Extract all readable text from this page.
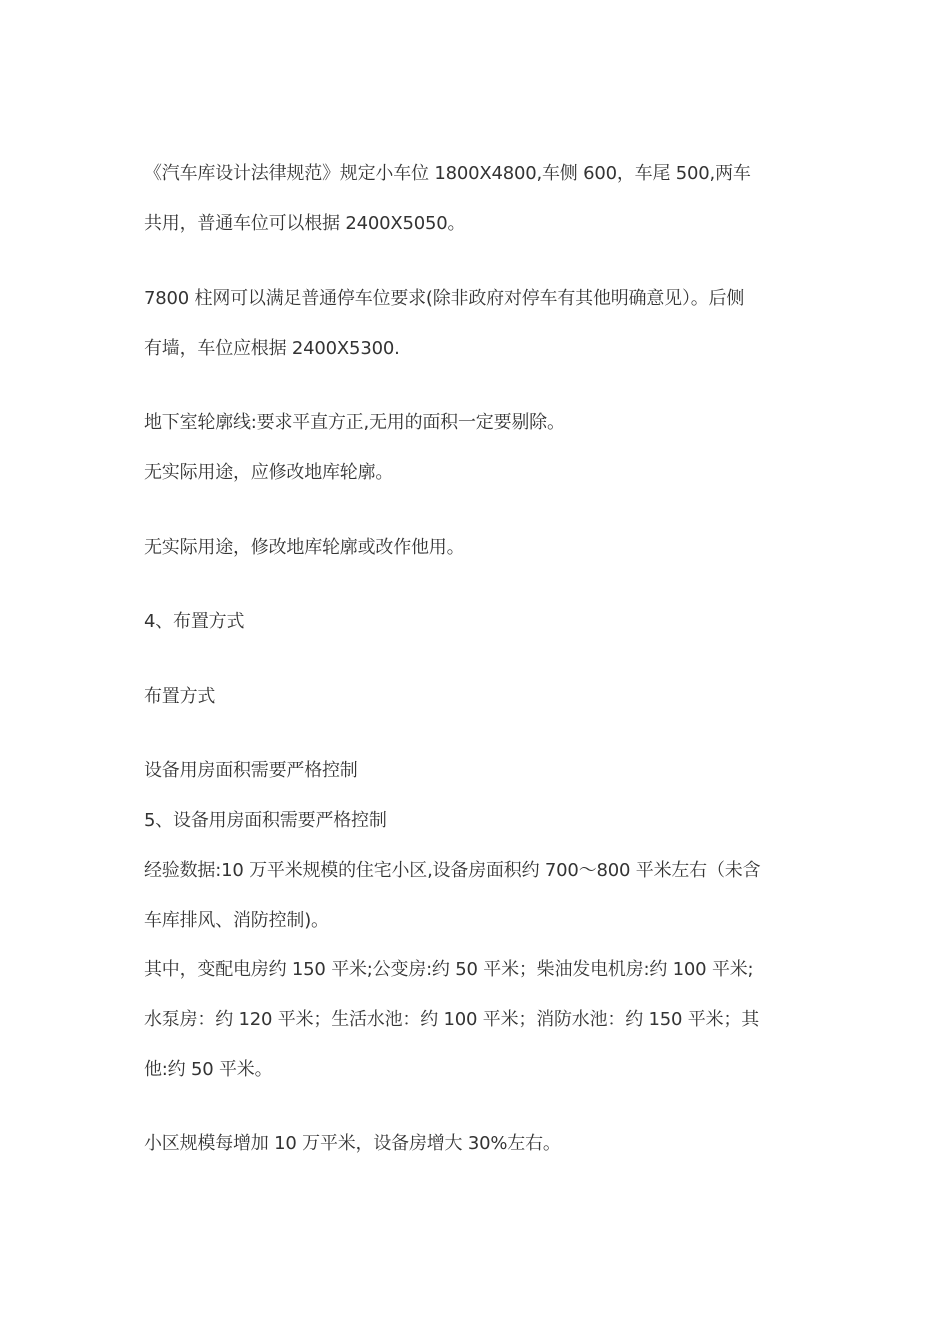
《汽车库设计法律规范》规定小车位 1800X4800,车侧 600，车尾 500,两车
共用，普通车位可以根据 2400X5050。
7800 柱网可以满足普通停车位要求(除非政府对停车有其他明确意见）。后侧
有墙，车位应根据 2400X5300.
地下室轮廓线:要求平直方正,无用的面积一定要剔除。
无实际用途，应修改地库轮廓。
无实际用途，修改地库轮廓或改作他用。
4、布置方式
布置方式
设备用房面积需要严格控制
5、设备用房面积需要严格控制
经验数据:10 万平米规模的住宅小区,设备房面积约 700～800 平米左右（未含
车库排风、消防控制)。
其中，变配电房约 150 平米;公变房:约 50 平米；柴油发电机房:约 100 平米;
水泵房：约 120 平米；生活水池：约 100 平米；消防水池：约 150 平米；其
他:约 50 平米。
小区规模每增加 10 万平米，设备房增大 30%左右。
